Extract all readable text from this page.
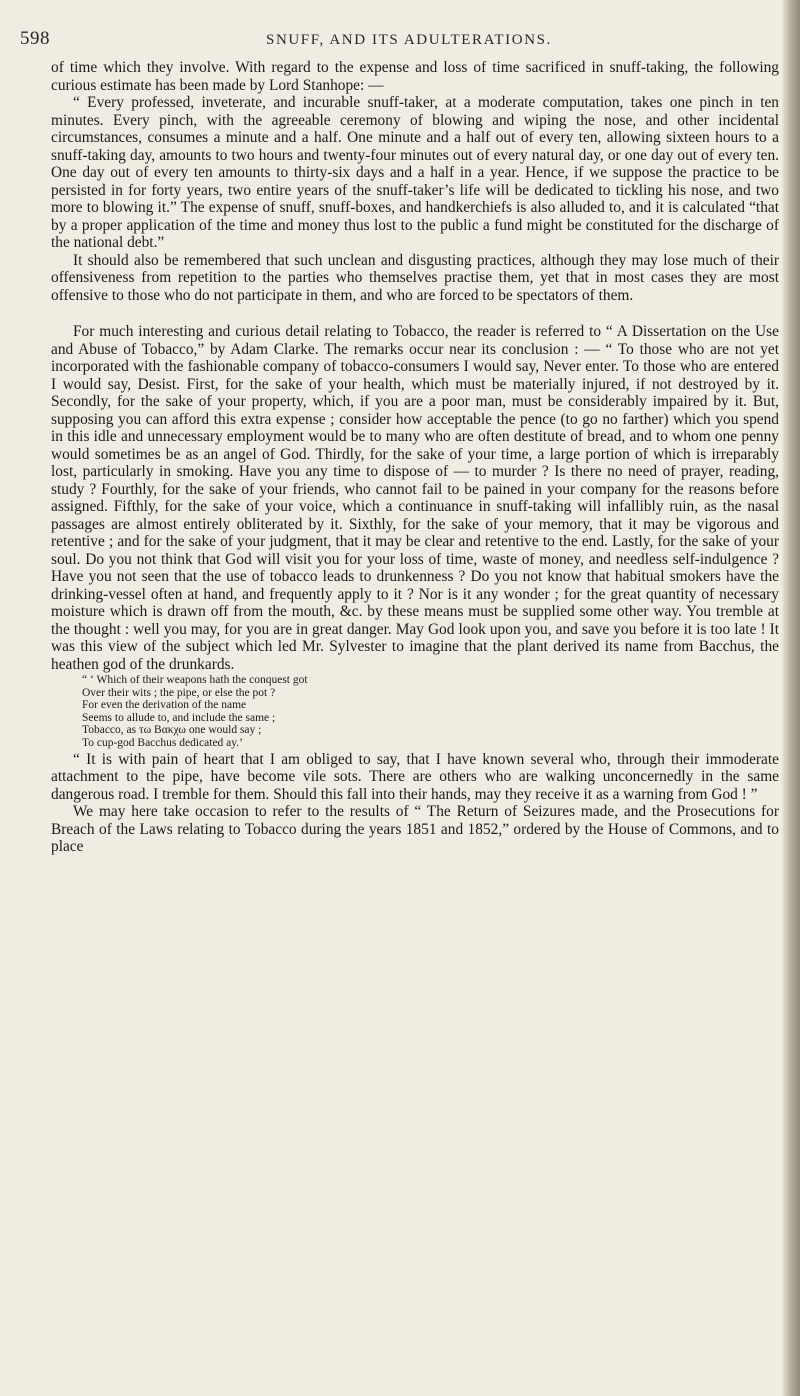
598	SNUFF, AND ITS ADULTERATIONS.

of time which they involve. With regard to the expense and loss of time sacrificed in snuff-taking, the following curious estimate has been made by Lord Stanhope: —

“ Every professed, inveterate, and incurable snuff-taker, at a moderate computation, takes one pinch in ten minutes. Every pinch, with the agreeable ceremony of blowing and wiping the nose, and other incidental circumstances, consumes a minute and a half. One minute and a half out of every ten, allowing sixteen hours to a snuff-taking day, amounts to two hours and twenty-four minutes out of every natural day, or one day out of every ten. One day out of every ten amounts to thirty-six days and a half in a year. Hence, if we suppose the practice to be persisted in for forty years, two entire years of the snuff-taker’s life will be dedicated to tickling his nose, and two more to blowing it.” The expense of snuff, snuff-boxes, and handkerchiefs is also alluded to, and it is calculated “that by a proper application of the time and money thus lost to the public a fund might be constituted for the discharge of the national debt.”

It should also be remembered that such unclean and disgusting practices, although they may lose much of their offensiveness from repetition to the parties who themselves practise them, yet that in most cases they are most offensive to those who do not participate in them, and who are forced to be spectators of them.

For much interesting and curious detail relating to Tobacco, the reader is referred to “ A Dissertation on the Use and Abuse of Tobacco,” by Adam Clarke. The remarks occur near its conclusion : — “ To those who are not yet incorporated with the fashionable company of tobacco-consumers I would say, Never enter. To those who are entered I would say, Desist. First, for the sake of your health, which must be materially injured, if not destroyed by it. Secondly, for the sake of your property, which, if you are a poor man, must be considerably impaired by it. But, supposing you can afford this extra expense ; consider how acceptable the pence (to go no farther) which you spend in this idle and unnecessary employment would be to many who are often destitute of bread, and to whom one penny would sometimes be as an angel of God. Thirdly, for the sake of your time, a large portion of which is irreparably lost, particularly in smoking. Have you any time to dispose of — to murder ? Is there no need of prayer, reading, study ? Fourthly, for the sake of your friends, who cannot fail to be pained in your company for the reasons before assigned. Fifthly, for the sake of your voice, which a continuance in snuff-taking will infallibly ruin, as the nasal passages are almost entirely obliterated by it. Sixthly, for the sake of your memory, that it may be vigorous and retentive ; and for the sake of your judgment, that it may be clear and retentive to the end. Lastly, for the sake of your soul. Do you not think that God will visit you for your loss of time, waste of money, and needless self-indulgence ? Have you not seen that the use of tobacco leads to drunkenness ? Do you not know that habitual smokers have the drinking-vessel often at hand, and frequently apply to it ? Nor is it any wonder ; for the great quantity of necessary moisture which is drawn off from the mouth, &c. by these means must be supplied some other way. You tremble at the thought : well you may, for you are in great danger. May God look upon you, and save you before it is too late ! It was this view of the subject which led Mr. Sylvester to imagine that the plant derived its name from Bacchus, the heathen god of the drunkards.

“ ‘ Which of their weapons hath the conquest got
Over their wits ; the pipe, or else the pot ?
For even the derivation of the name
Seems to allude to, and include the same ;
Tobacco, as τω Βακχω one would say ;
To cup-god Bacchus dedicated ay.’

“ It is with pain of heart that I am obliged to say, that I have known several who, through their immoderate attachment to the pipe, have become vile sots. There are others who are walking unconcernedly in the same dangerous road. I tremble for them. Should this fall into their hands, may they receive it as a warning from God ! ”

We may here take occasion to refer to the results of “ The Return of Seizures made, and the Prosecutions for Breach of the Laws relating to Tobacco during the years 1851 and 1852,” ordered by the House of Commons, and to place
